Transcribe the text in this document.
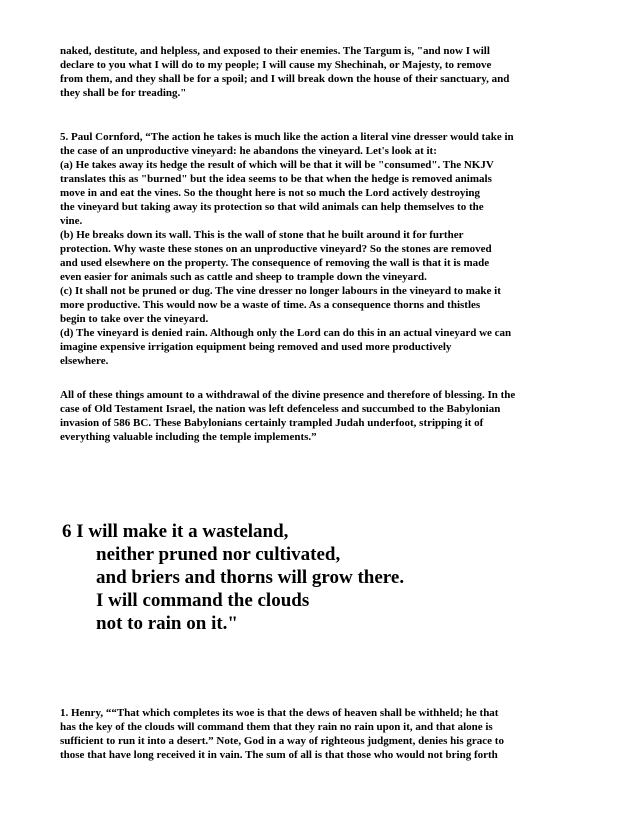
naked, destitute, and helpless, and exposed to their enemies. The Targum is, "and now I will
declare to you what I will do to my people; I will cause my Shechinah, or Majesty, to remove
from them, and they shall be for a spoil; and I will break down the house of their sanctuary, and
they shall be for treading."
5. Paul Cornford, “The action he takes is much like the action a literal vine dresser would take in
the case of an unproductive vineyard: he abandons the vineyard. Let's look at it:
(a) He takes away its hedge the result of which will be that it will be "consumed". The NKJV
translates this as "burned" but the idea seems to be that when the hedge is removed animals
move in and eat the vines. So the thought here is not so much the Lord actively destroying
the vineyard but taking away its protection so that wild animals can help themselves to the
vine.
(b) He breaks down its wall. This is the wall of stone that he built around it for further
protection. Why waste these stones on an unproductive vineyard? So the stones are removed
and used elsewhere on the property. The consequence of removing the wall is that it is made
even easier for animals such as cattle and sheep to trample down the vineyard.
(c) It shall not be pruned or dug. The vine dresser no longer labours in the vineyard to make it
more productive. This would now be a waste of time. As a consequence thorns and thistles
begin to take over the vineyard.
(d) The vineyard is denied rain. Although only the Lord can do this in an actual vineyard we can
imagine expensive irrigation equipment being removed and used more productively
elsewhere.
All of these things amount to a withdrawal of the divine presence and therefore of blessing. In the
case of Old Testament Israel, the nation was left defenceless and succumbed to the Babylonian
invasion of 586 BC. These Babylonians certainly trampled Judah underfoot, stripping it of
everything valuable including the temple implements.”
6 I will make it a wasteland,
neither pruned nor cultivated,
and briers and thorns will grow there.
I will command the clouds
not to rain on it."
1. Henry, ““That which completes its woe is that the dews of heaven shall be withheld; he that
has the key of the clouds will command them that they rain no rain upon it, and that alone is
sufficient to run it into a desert.” Note, God in a way of righteous judgment, denies his grace to
those that have long received it in vain. The sum of all is that those who would not bring forth
